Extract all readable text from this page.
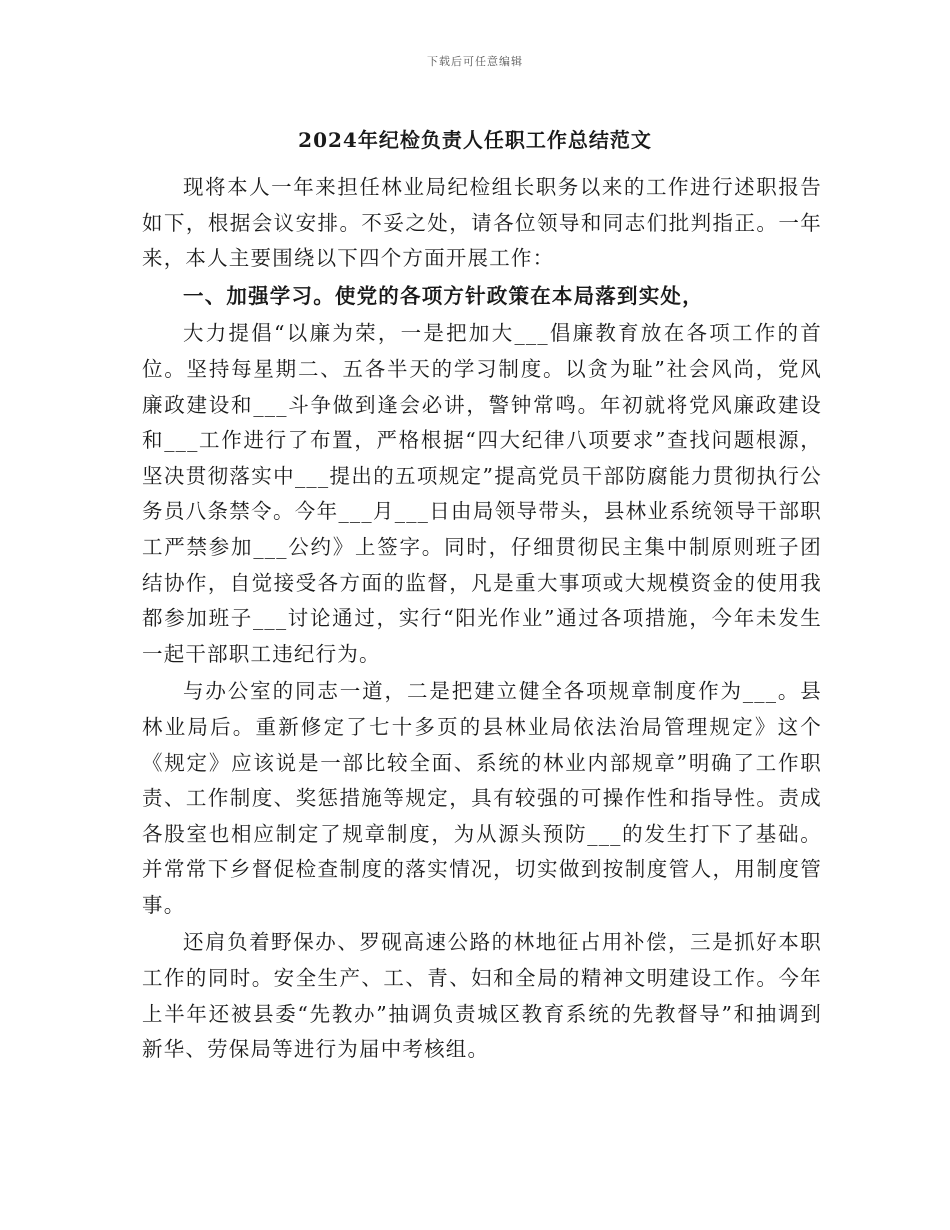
下载后可任意编辑
2024年纪检负责人任职工作总结范文

现将本人一年来担任林业局纪检组长职务以来的工作进行述职报告如下，根据会议安排。不妥之处，请各位领导和同志们批判指正。一年来，本人主要围绕以下四个方面开展工作：

一、加强学习。使党的各项方针政策在本局落到实处，

大力提倡“以廉为荣，一是把加大___倡廉教育放在各项工作的首位。坚持每星期二、五各半天的学习制度。以贪为耻”社会风尚，党风廉政建设和___斗争做到逢会必讲，警钟常鸣。年初就将党风廉政建设和___工作进行了布置，严格根据“四大纪律八项要求”查找问题根源，坚决贯彻落实中___提出的五项规定”提高党员干部防腐能力贯彻执行公务员八条禁令。今年___月___日由局领导带头，县林业系统领导干部职工严禁参加___公约》上签字。同时，仔细贯彻民主集中制原则班子团结协作，自觉接受各方面的监督，凡是重大事项或大规模资金的使用我都参加班子___讨论通过，实行“阳光作业”通过各项措施，今年未发生一起干部职工违纪行为。

与办公室的同志一道，二是把建立健全各项规章制度作为___。县林业局后。重新修定了七十多页的县林业局依法治局管理规定》这个《规定》应该说是一部比较全面、系统的林业内部规章”明确了工作职责、工作制度、奖惩措施等规定，具有较强的可操作性和指导性。责成各股室也相应制定了规章制度，为从源头预防___的发生打下了基础。并常常下乡督促检查制度的落实情况，切实做到按制度管人，用制度管事。

还肩负着野保办、罗砚高速公路的林地征占用补偿，三是抓好本职工作的同时。安全生产、工、青、妇和全局的精神文明建设工作。今年上半年还被县委“先教办”抽调负责城区教育系统的先教督导”和抽调到新华、劳保局等进行为届中考核组。
